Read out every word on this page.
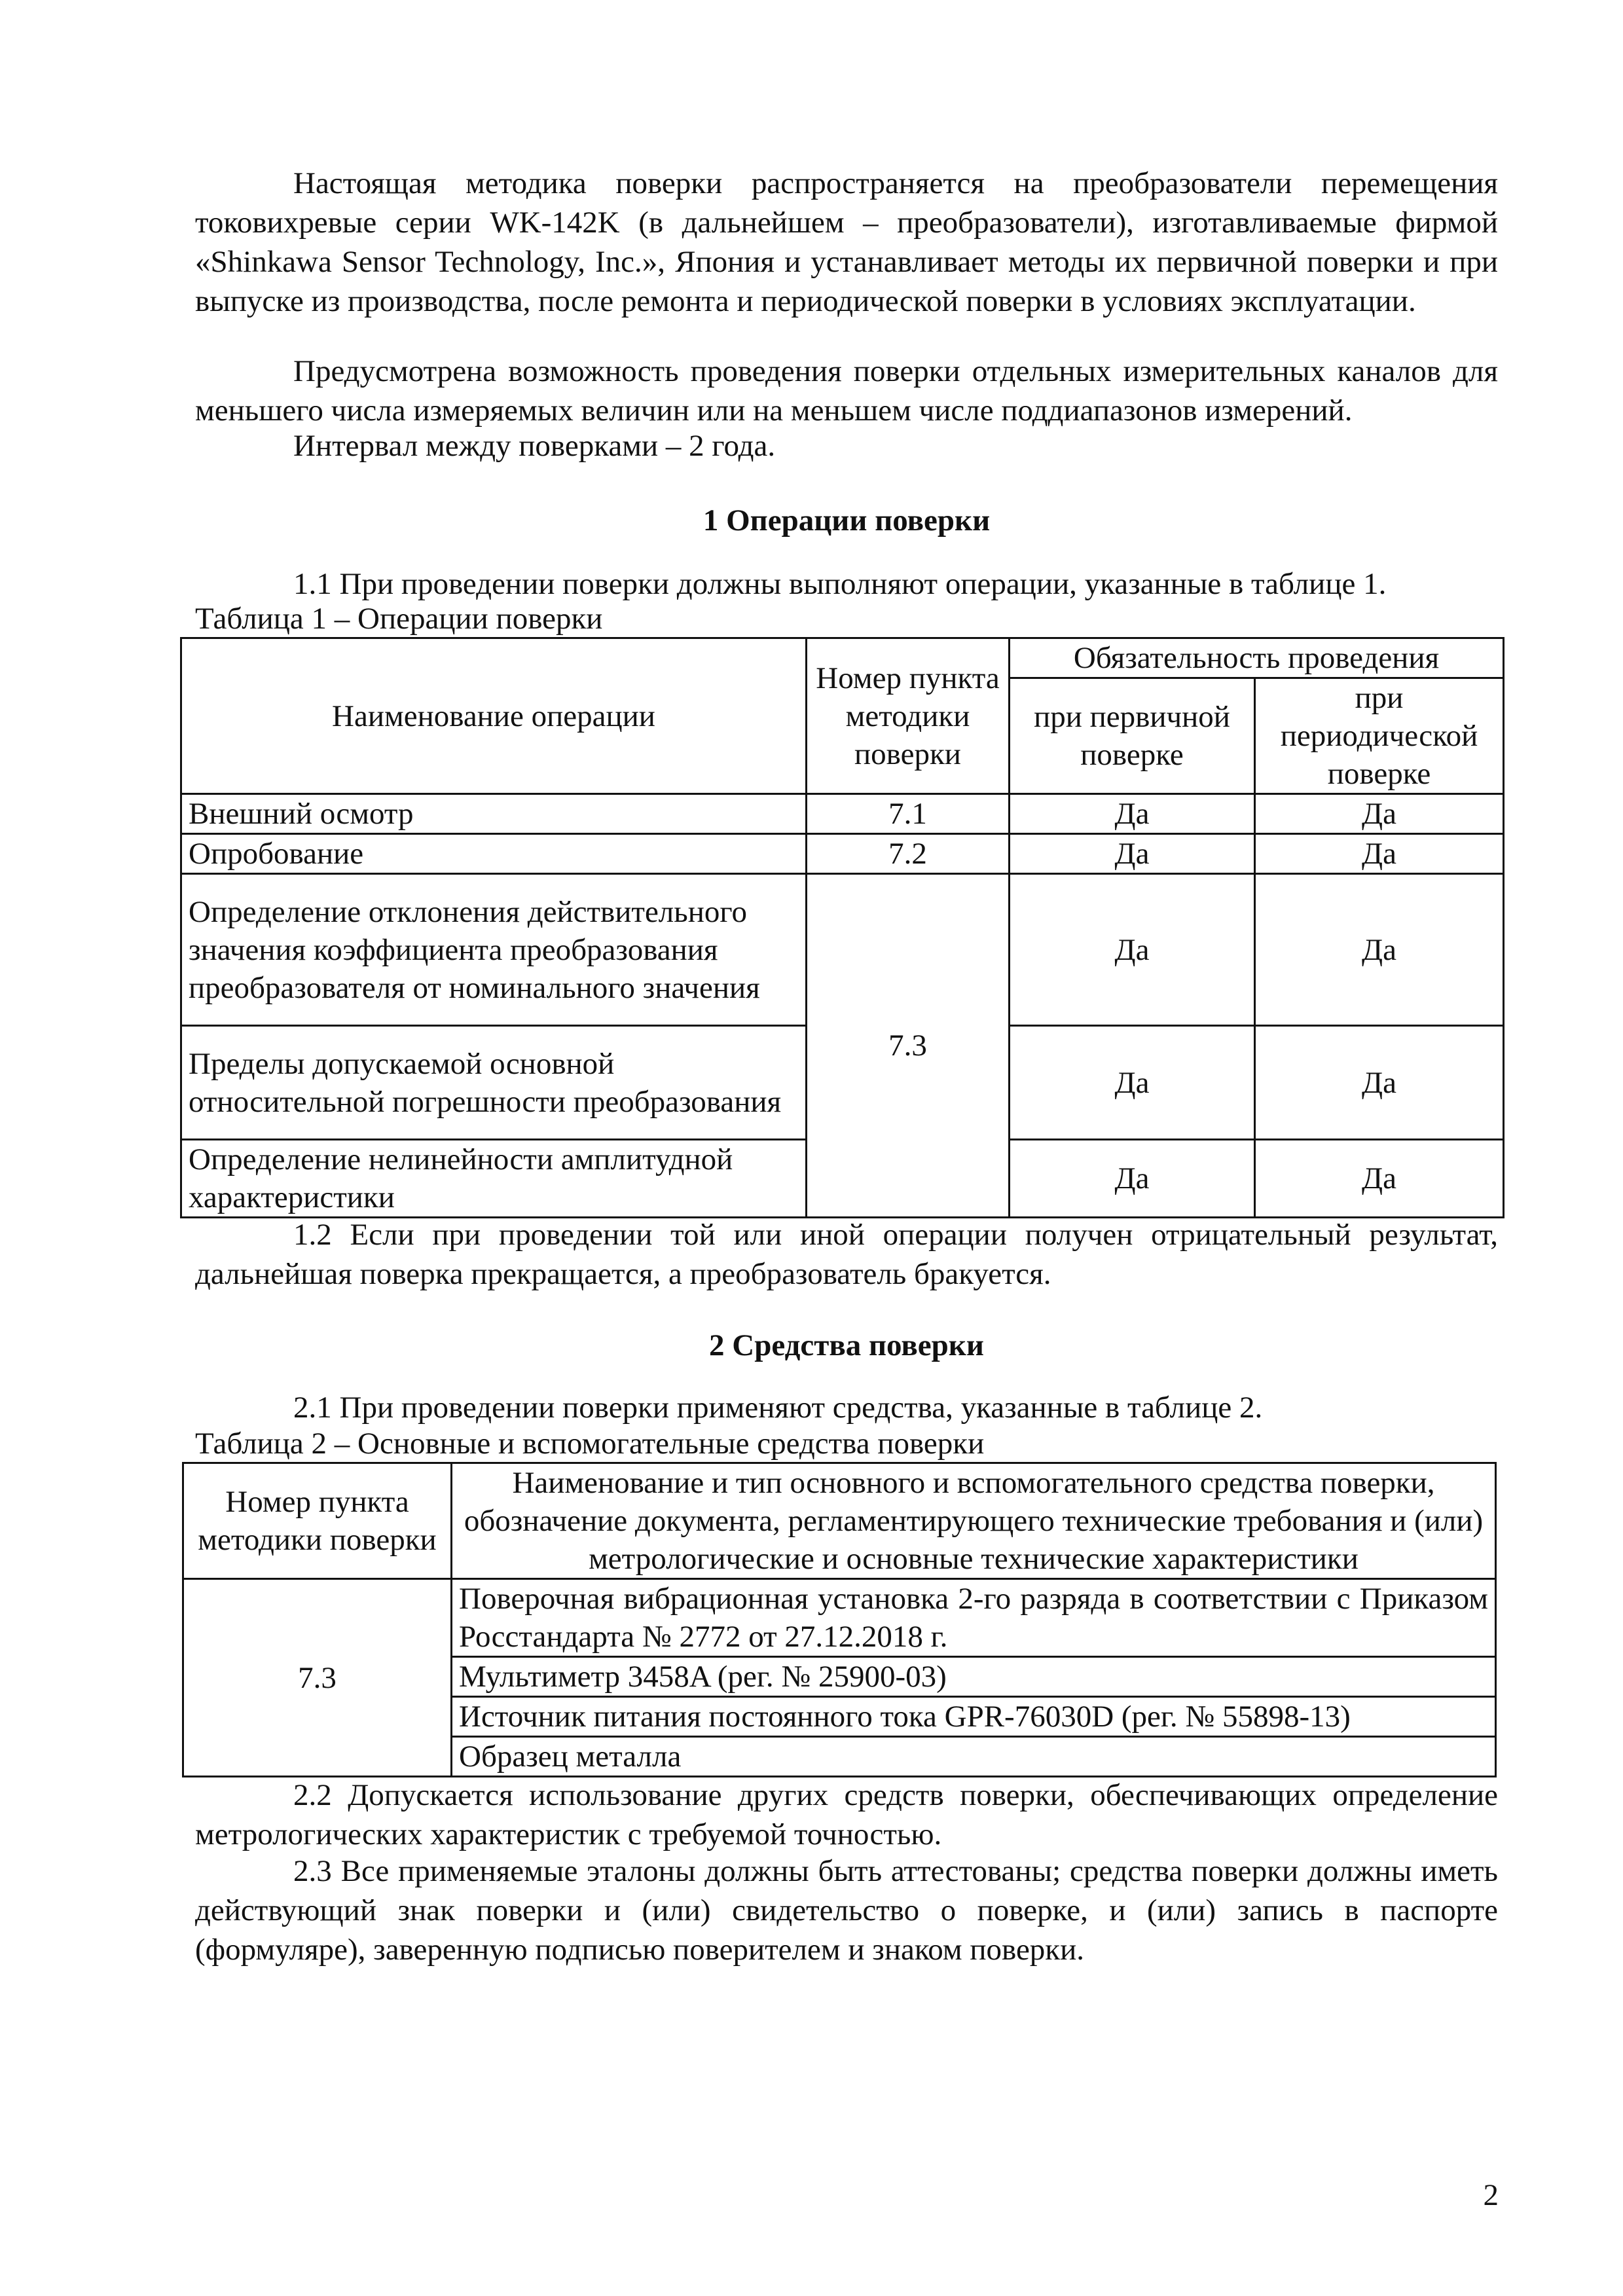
Настоящая методика поверки распространяется на преобразователи перемещения токовихревые серии WK-142K (в дальнейшем – преобразователи), изготавливаемые фирмой «Shinkawa Sensor Technology, Inc.», Япония и устанавливает методы их первичной поверки и при выпуске из производства, после ремонта и периодической поверки в условиях эксплуатации.

Предусмотрена возможность проведения поверки отдельных измерительных каналов для меньшего числа измеряемых величин или на меньшем числе поддиапазонов измерений.

Интервал между поверками – 2 года.

1 Операции поверки

1.1 При проведении поверки должны выполняют операции, указанные в таблице 1.

Таблица 1 – Операции поверки

Наименование операции	Номер пункта методики поверки	Обязательность проведения	
		при первичной поверке	при периодической поверке
Внешний осмотр	7.1	Да	Да
Опробование	7.2	Да	Да
Определение отклонения действительного значения коэффициента преобразования преобразователя от номинального значения	7.3	Да	Да
Пределы допускаемой основной относительной погрешности преобразования		Да	Да
Определение нелинейности амплитудной характеристики		Да	Да

1.2 Если при проведении той или иной операции получен отрицательный результат, дальнейшая поверка прекращается, а преобразователь бракуется.

2 Средства поверки

2.1 При проведении поверки применяют средства, указанные в таблице 2.

Таблица 2 – Основные и вспомогательные средства поверки

Номер пункта методики поверки	Наименование и тип основного и вспомогательного средства поверки, обозначение документа, регламентирующего технические требования и (или) метрологические и основные технические характеристики
7.3	Поверочная вибрационная установка 2-го разряда в соответствии с Приказом Росстандарта № 2772 от 27.12.2018 г.
	Мультиметр 3458A (рег. № 25900-03)
	Источник питания постоянного тока GPR-76030D (рег. № 55898-13)
	Образец металла

2.2 Допускается использование других средств поверки, обеспечивающих определение метрологических характеристик с требуемой точностью.

2.3 Все применяемые эталоны должны быть аттестованы; средства поверки должны иметь действующий знак поверки и (или) свидетельство о поверке, и (или) запись в паспорте (формуляре), заверенную подписью поверителем и знаком поверки.

2
